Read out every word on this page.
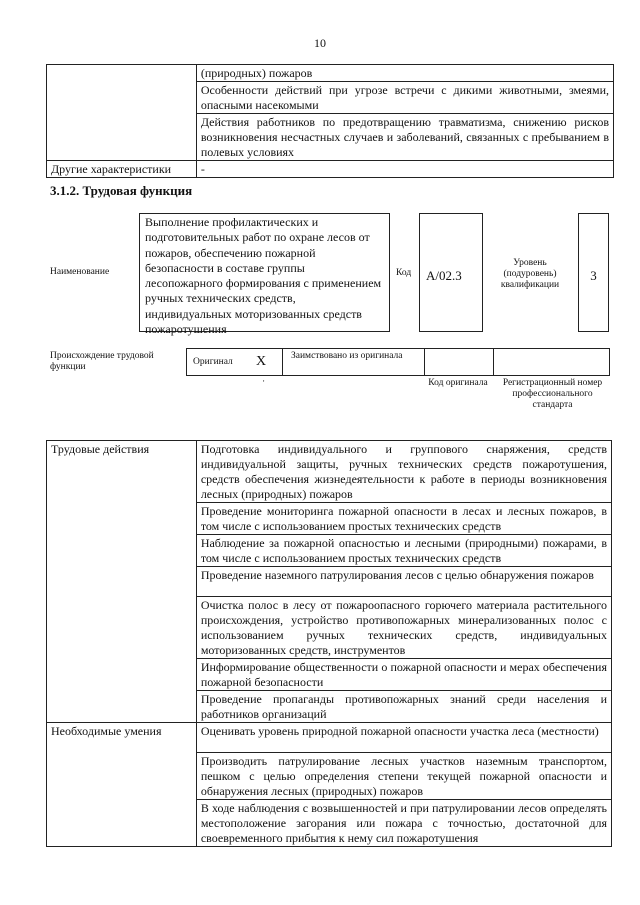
10
	(природных) пожаров
	Особенности действий при угрозе встречи с дикими животными, змеями, опасными насекомыми
	Действия работников по предотвращению травматизма, снижению рисков возникновения несчастных случаев и заболеваний, связанных с пребыванием в полевых условиях
Другие характеристики	-
3.1.2. Трудовая функция
Наименование
Выполнение профилактических и подготовительных работ по охране лесов от пожаров, обеспечению пожарной безопасности в составе группы лесопожарного формирования с применением ручных технических средств, индивидуальных моторизованных средств пожаротушения
Код	А/02.3
Уровень (подуровень) квалификации
3
Происхождение трудовой функции	Оригинал X	Заимствовано из оригинала
·	Код оригинала Регистрационный номер профессионального стандарта
Трудовые действия	Подготовка индивидуального и группового снаряжения, средств индивидуальной защиты, ручных технических средств пожаротушения, средств обеспечения жизнедеятельности к работе в периоды возникновения лесных (природных) пожаров
	Проведение мониторинга пожарной опасности в лесах и лесных пожаров, в том числе с использованием простых технических средств
	Наблюдение за пожарной опасностью и лесными (природными) пожарами, в том числе с использованием простых технических средств
	Проведение наземного патрулирования лесов с целью обнаружения пожаров
	Очистка полос в лесу от пожароопасного горючего материала растительного происхождения, устройство противопожарных минерализованных полос с использованием ручных технических средств, индивидуальных моторизованных средств, инструментов
	Информирование общественности о пожарной опасности и мерах обеспечения пожарной безопасности
	Проведение пропаганды противопожарных знаний среди населения и работников организаций
Необходимые умения	Оценивать уровень природной пожарной опасности участка леса (местности)
	Производить патрулирование лесных участков наземным транспортом, пешком с целью определения степени текущей пожарной опасности и обнаружения лесных (природных) пожаров
	В ходе наблюдения с возвышенностей и при патрулировании лесов определять местоположение загорания или пожара с точностью, достаточной для своевременного прибытия к нему сил пожаротушения
